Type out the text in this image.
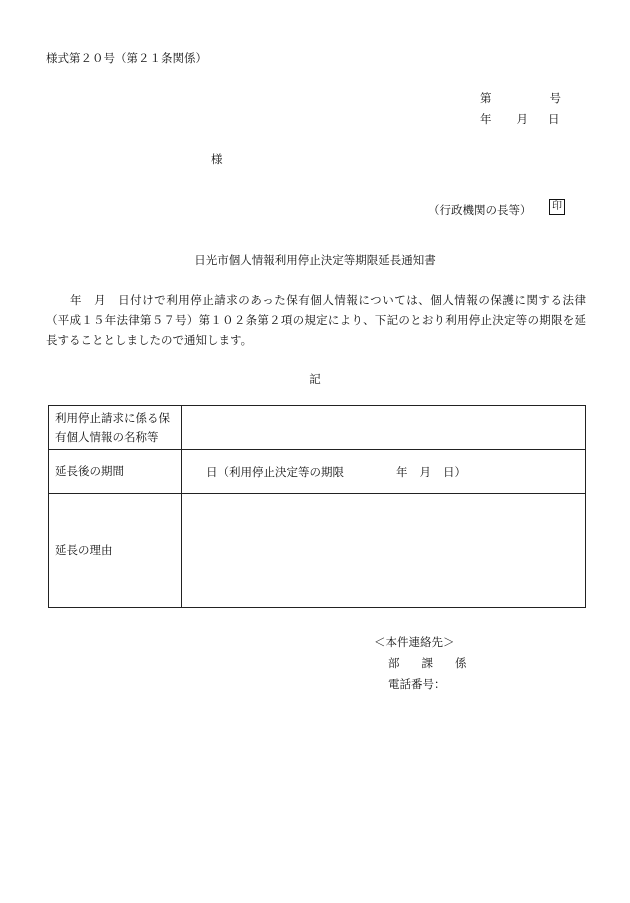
様式第２０号（第２１条関係）
第	号
年 月 日
様
（行政機関の長等）	印
日光市個人情報利用停止決定等期限延長通知書
　　年　月　日付けで利用停止請求のあった保有個人情報については、個人情報の保護に関する法律（平成１５年法律第５７号）第１０２条第２項の規定により、下記のとおり利用停止決定等の期限を延長することとしましたので通知します。
記
利用停止請求に係る保有個人情報の名称等	
延長後の期間	日（利用停止決定等の期限 年 月 日）
延長の理由	
＜本件連絡先＞
部 課 係
電話番号：
